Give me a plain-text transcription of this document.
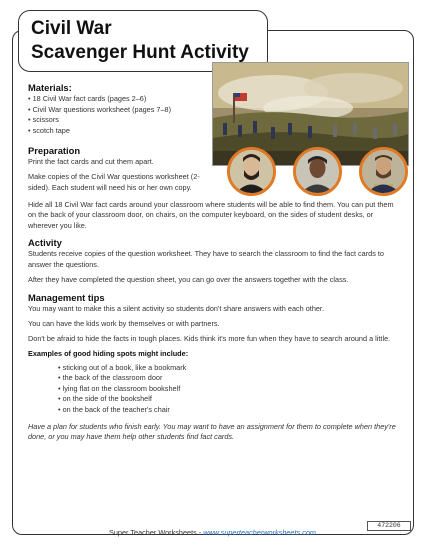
Civil War
Scavenger Hunt Activity
Materials:
• 18 Civil War fact cards (pages 2–6)
• Civil War questions worksheet (pages 7–8)
• scissors
• scotch tape
Preparation

Print the fact cards and cut them apart.

Make copies of the Civil War questions worksheet (2-sided). Each student will need his or her own copy.

Hide all 18 Civil War fact cards around your classroom where students will be able to find them. You can put them on the back of your classroom door, on chairs, on the computer keyboard, on the sides of student desks, or wherever you like.

Activity

Students receive copies of the question worksheet. They have to search the classroom to find the fact cards to answer the questions.

After they have completed the question sheet, you can go over the answers together with the class.

Management tips

You may want to make this a silent activity so students don't share answers with each other.

You can have the kids work by themselves or with partners.

Don't be afraid to hide the facts in tough places. Kids think it's more fun when they have to search around a little.

Examples of good hiding spots might include:
• sticking out of a book, like a bookmark
• the back of the classroom door
• lying flat on the classroom bookshelf
• on the side of the bookshelf
• on the back of the teacher's chair

Have a plan for students who finish early. You may want to have an assignment for them to complete when they're done, or you may have them help other students find fact cards.

472206
Super Teacher Worksheets - www.superteacherworksheets.com
